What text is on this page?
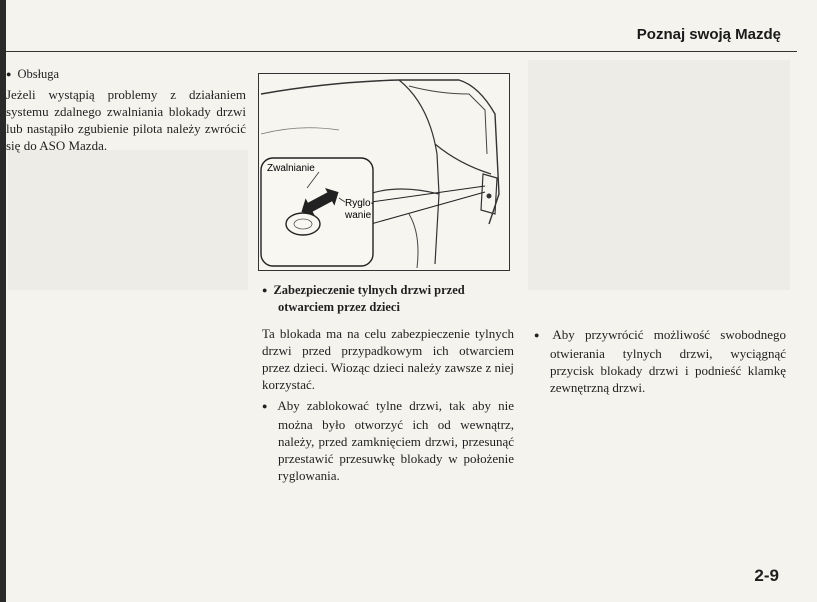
Poznaj swoją Mazdę
● Obsługa

Jeżeli wystąpią problemy z działaniem systemu zdalnego zwalniania blokady drzwi lub nastąpiło zgubienie pilota należy zwrócić się do ASO Mazda.

Zwalnianie
Ryglo-
wanie
● Zabezpieczenie tylnych drzwi przed otwarciem przez dzieci

Ta blokada ma na celu zabezpieczenie tylnych drzwi przed przypadkowym ich otwarciem przez dzieci. Wioząc dzieci należy zawsze z niej korzystać.

● Aby zablokować tylne drzwi, tak aby nie można było otworzyć ich od wewnątrz, należy, przed zamknięciem drzwi, przesunąć przestawić przesuwkę blokady w położenie ryglowania.
● Aby przywrócić możliwość swobodnego otwierania tylnych drzwi, wyciągnąć przycisk blokady drzwi i podnieść klamkę zewnętrzną drzwi.
2-9
